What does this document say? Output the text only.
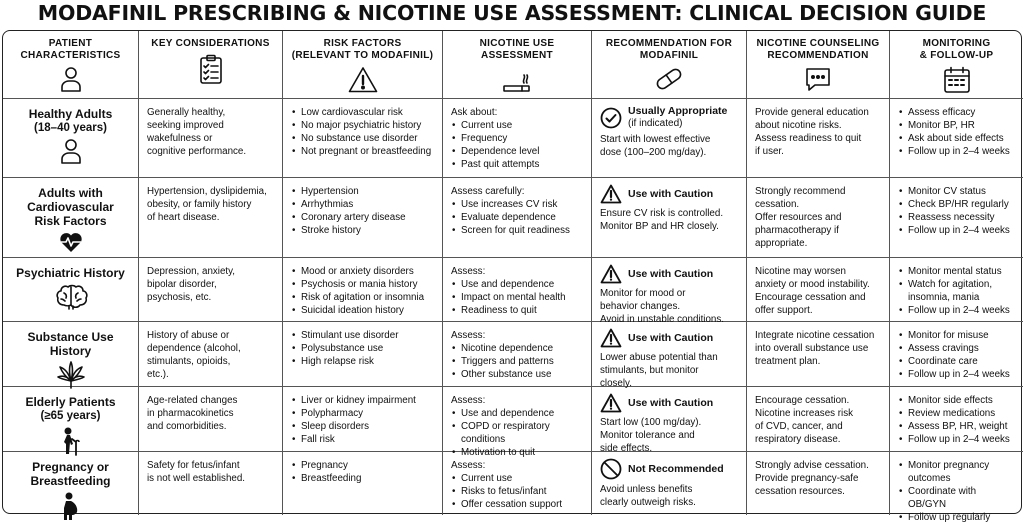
MODAFINIL PRESCRIBING & NICOTINE USE ASSESSMENT: CLINICAL DECISION GUIDE
PATIENT
CHARACTERISTICS
KEY CONSIDERATIONS	RISK FACTORS
(RELEVANT TO MODAFINIL)
NICOTINE USE
ASSESSMENT
RECOMMENDATION FOR
MODAFINIL
NICOTINE COUNSELING
RECOMMENDATION
MONITORING
& FOLLOW-UP
Healthy Adults
(18–40 years)

Generally healthy,
seeking improved
wakefulness or
cognitive performance.

• Low cardiovascular risk
• No major psychiatric history
• No substance use disorder
• Not pregnant or breastfeeding

Ask about:

• Current use
• Frequency
• Dependence level
• Past quit attempts
Usually Appropriate
(if indicated)
Start with lowest effective
dose (100–200 mg/day).

Provide general education
about nicotine risks.
Assess readiness to quit
if user.

• Assess efficacy
• Monitor BP, HR
• Ask about side effects
• Follow up in 2–4 weeks
Adults with
Cardiovascular
Risk Factors

Hypertension, dyslipidemia,
obesity, or family history
of heart disease.

• Hypertension
• Arrhythmias
• Coronary artery disease
• Stroke history

Assess carefully:

• Use increases CV risk
• Evaluate dependence
• Screen for quit readiness
Use with Caution
Ensure CV risk is controlled.
Monitor BP and HR closely.

Strongly recommend
cessation.
Offer resources and
pharmacotherapy if
appropriate.

• Monitor CV status
• Check BP/HR regularly
• Reassess necessity
• Follow up in 2–4 weeks
Psychiatric History	Depression, anxiety,
bipolar disorder,
psychosis, etc.

• Mood or anxiety disorders
• Psychosis or mania history
• Risk of agitation or insomnia
• Suicidal ideation history

Assess:

• Use and dependence
• Impact on mental health
• Readiness to quit
Use with Caution
Monitor for mood or
behavior changes.
Avoid in unstable conditions.

Nicotine may worsen
anxiety or mood instability.
Encourage cessation and
offer support.

• Monitor mental status
• Watch for agitation,
insomnia, mania
• Follow up in 2–4 weeks
Substance Use
History

History of abuse or
dependence (alcohol,
stimulants, opioids,
etc.).

• Stimulant use disorder
• Polysubstance use
• High relapse risk

Assess:

• Nicotine dependence
• Triggers and patterns
• Other substance use
Use with Caution
Lower abuse potential than
stimulants, but monitor
closely.

Integrate nicotine cessation
into overall substance use
treatment plan.

• Monitor for misuse
• Assess cravings
• Coordinate care
• Follow up in 2–4 weeks
Elderly Patients
(≥65 years)

Age-related changes
in pharmacokinetics
and comorbidities.

• Liver or kidney impairment
• Polypharmacy
• Sleep disorders
• Fall risk

Assess:

• Use and dependence
• COPD or respiratory
conditions
• Motivation to quit
Use with Caution
Start low (100 mg/day).
Monitor tolerance and
side effects.

Encourage cessation.
Nicotine increases risk
of CVD, cancer, and
respiratory disease.

• Monitor side effects
• Review medications
• Assess BP, HR, weight
• Follow up in 2–4 weeks
Pregnancy or
Breastfeeding

Safety for fetus/infant
is not well established.

• Pregnancy
• Breastfeeding

Assess:

• Current use
• Risks to fetus/infant
• Offer cessation support
Not Recommended
Avoid unless benefits
clearly outweigh risks.

Strongly advise cessation.
Provide pregnancy-safe
cessation resources.

• Monitor pregnancy
outcomes
• Coordinate with OB/GYN
• Follow up regularly
